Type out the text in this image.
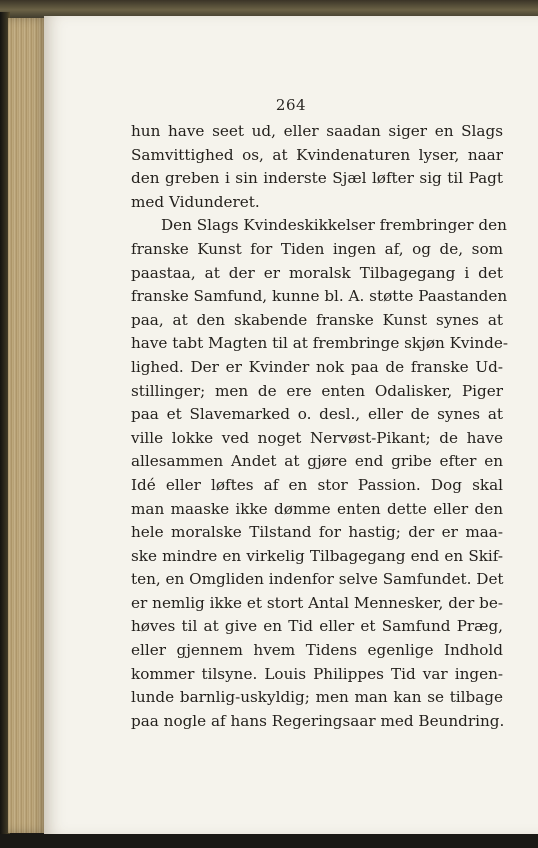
264
hun have seet ud, eller saadan siger en Slags
Samvittighed os, at Kvindenaturen lyser, naar
den greben i sin inderste Sjæl løfter sig til Pagt
med Vidunderet.
Den Slags Kvindeskikkelser frembringer den
franske Kunst for Tiden ingen af, og de, som
paastaa, at der er moralsk Tilbagegang i det
franske Samfund, kunne bl. A. støtte Paastanden
paa, at den skabende franske Kunst synes at
have tabt Magten til at frembringe skjøn Kvinde-
lighed. Der er Kvinder nok paa de franske Ud-
stillinger; men de ere enten Odalisker, Piger
paa et Slavemarked o. desl., eller de synes at
ville lokke ved noget Nervøst-Pikant; de have
allesammen Andet at gjøre end gribe efter en
Idé eller løftes af en stor Passion. Dog skal
man maaske ikke dømme enten dette eller den
hele moralske Tilstand for hastig; der er maa-
ske mindre en virkelig Tilbagegang end en Skif-
ten, en Omgliden indenfor selve Samfundet. Det
er nemlig ikke et stort Antal Mennesker, der be-
høves til at give en Tid eller et Samfund Præg,
eller gjennem hvem Tidens egenlige Indhold
kommer tilsyne. Louis Philippes Tid var ingen-
lunde barnlig-uskyldig; men man kan se tilbage
paa nogle af hans Regeringsaar med Beundring.
